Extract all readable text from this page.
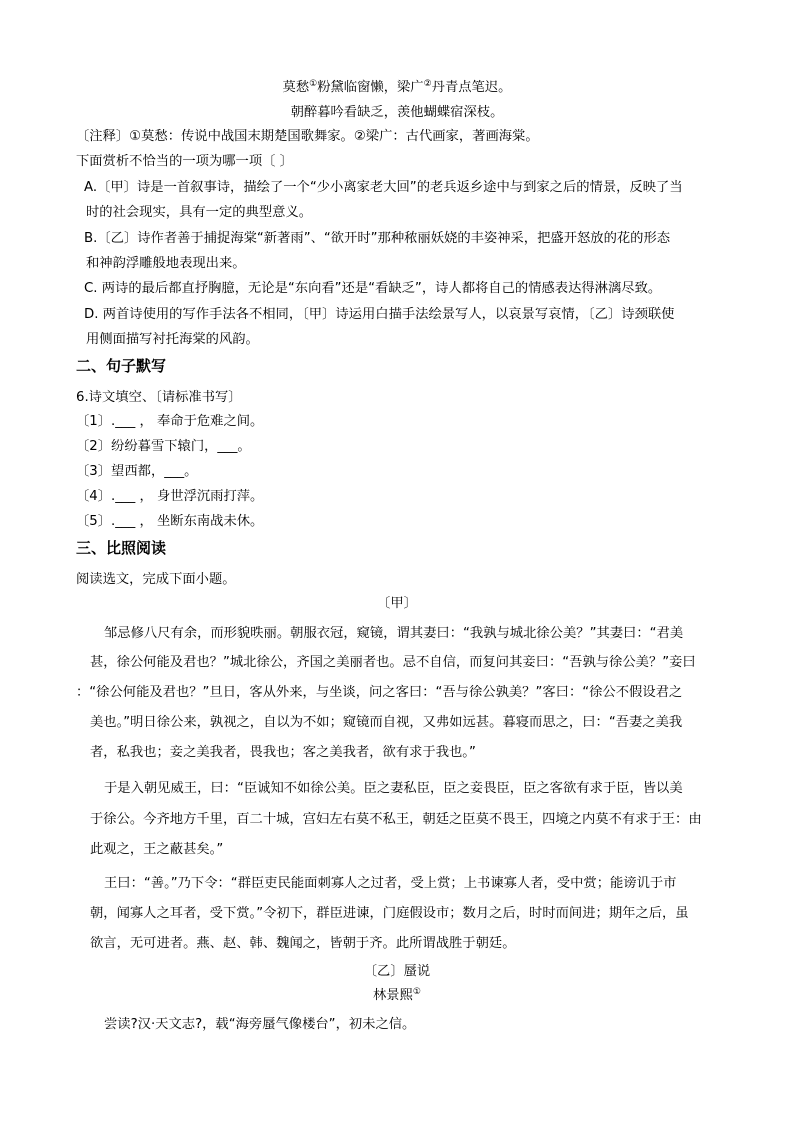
莫愁①粉黛临窗懒，梁广②丹青点笔迟。
朝醉暮吟看缺乏，羡他蝴蝶宿深枝。
〔注释〕①莫愁：传说中战国末期楚国歌舞家。②梁广：古代画家，著画海棠。
下面赏析不恰当的一项为哪一项〔 〕
A.〔甲〕诗是一首叙事诗，描绘了一个“少小离家老大回”的老兵返乡途中与到家之后的情景，反映了当
时的社会现实，具有一定的典型意义。
B.〔乙〕诗作者善于捕捉海棠“新著雨”、“欲开时”那种秾丽妖娆的丰姿神采，把盛开怒放的花的形态
和神韵浮雕般地表现出来。
C. 两诗的最后都直抒胸臆，无论是“东向看”还是“看缺乏”，诗人都将自己的情感表达得淋漓尽致。
D. 两首诗使用的写作手法各不相同，〔甲〕诗运用白描手法绘景写人，以哀景写哀情，〔乙〕诗颈联使
用侧面描写衬托海棠的风韵。
二、句子默写
6.诗文填空、〔请标准书写〕
〔1〕.___ ， 奉命于危难之间。
〔2〕纷纷暮雪下辕门，___。
〔3〕望西都，___。
〔4〕.___ ， 身世浮沉雨打萍。
〔5〕.___ ， 坐断东南战未休。
三、比照阅读
阅读选文，完成下面小题。
〔甲〕
邹忌修八尺有余，而形貌昳丽。朝服衣冠，窥镜，谓其妻曰：“我孰与城北徐公美？”其妻曰：“君美
甚，徐公何能及君也？”城北徐公，齐国之美丽者也。忌不自信，而复问其妾曰：“吾孰与徐公美？”妾曰
：“徐公何能及君也？”旦日，客从外来，与坐谈，问之客曰：“吾与徐公孰美？”客曰：“徐公不假设君之
美也。”明日徐公来，孰视之，自以为不如；窥镜而自视，又弗如远甚。暮寝而思之，曰：“吾妻之美我
者，私我也；妾之美我者，畏我也；客之美我者，欲有求于我也。”
于是入朝见威王，曰：“臣诚知不如徐公美。臣之妻私臣，臣之妾畏臣，臣之客欲有求于臣，皆以美
于徐公。今齐地方千里，百二十城，宫妇左右莫不私王，朝廷之臣莫不畏王，四境之内莫不有求于王：由
此观之，王之蔽甚矣。”
王曰：“善。”乃下令：“群臣吏民能面刺寡人之过者，受上赏；上书谏寡人者，受中赏；能谤讥于市
朝，闻寡人之耳者，受下赏。”令初下，群臣进谏，门庭假设市；数月之后，时时而间进；期年之后，虽
欲言，无可进者。燕、赵、韩、魏闻之，皆朝于齐。此所谓战胜于朝廷。
〔乙〕蜃说
林景熙①
尝读?汉·天文志?，载“海旁蜃气像楼台”，初未之信。
